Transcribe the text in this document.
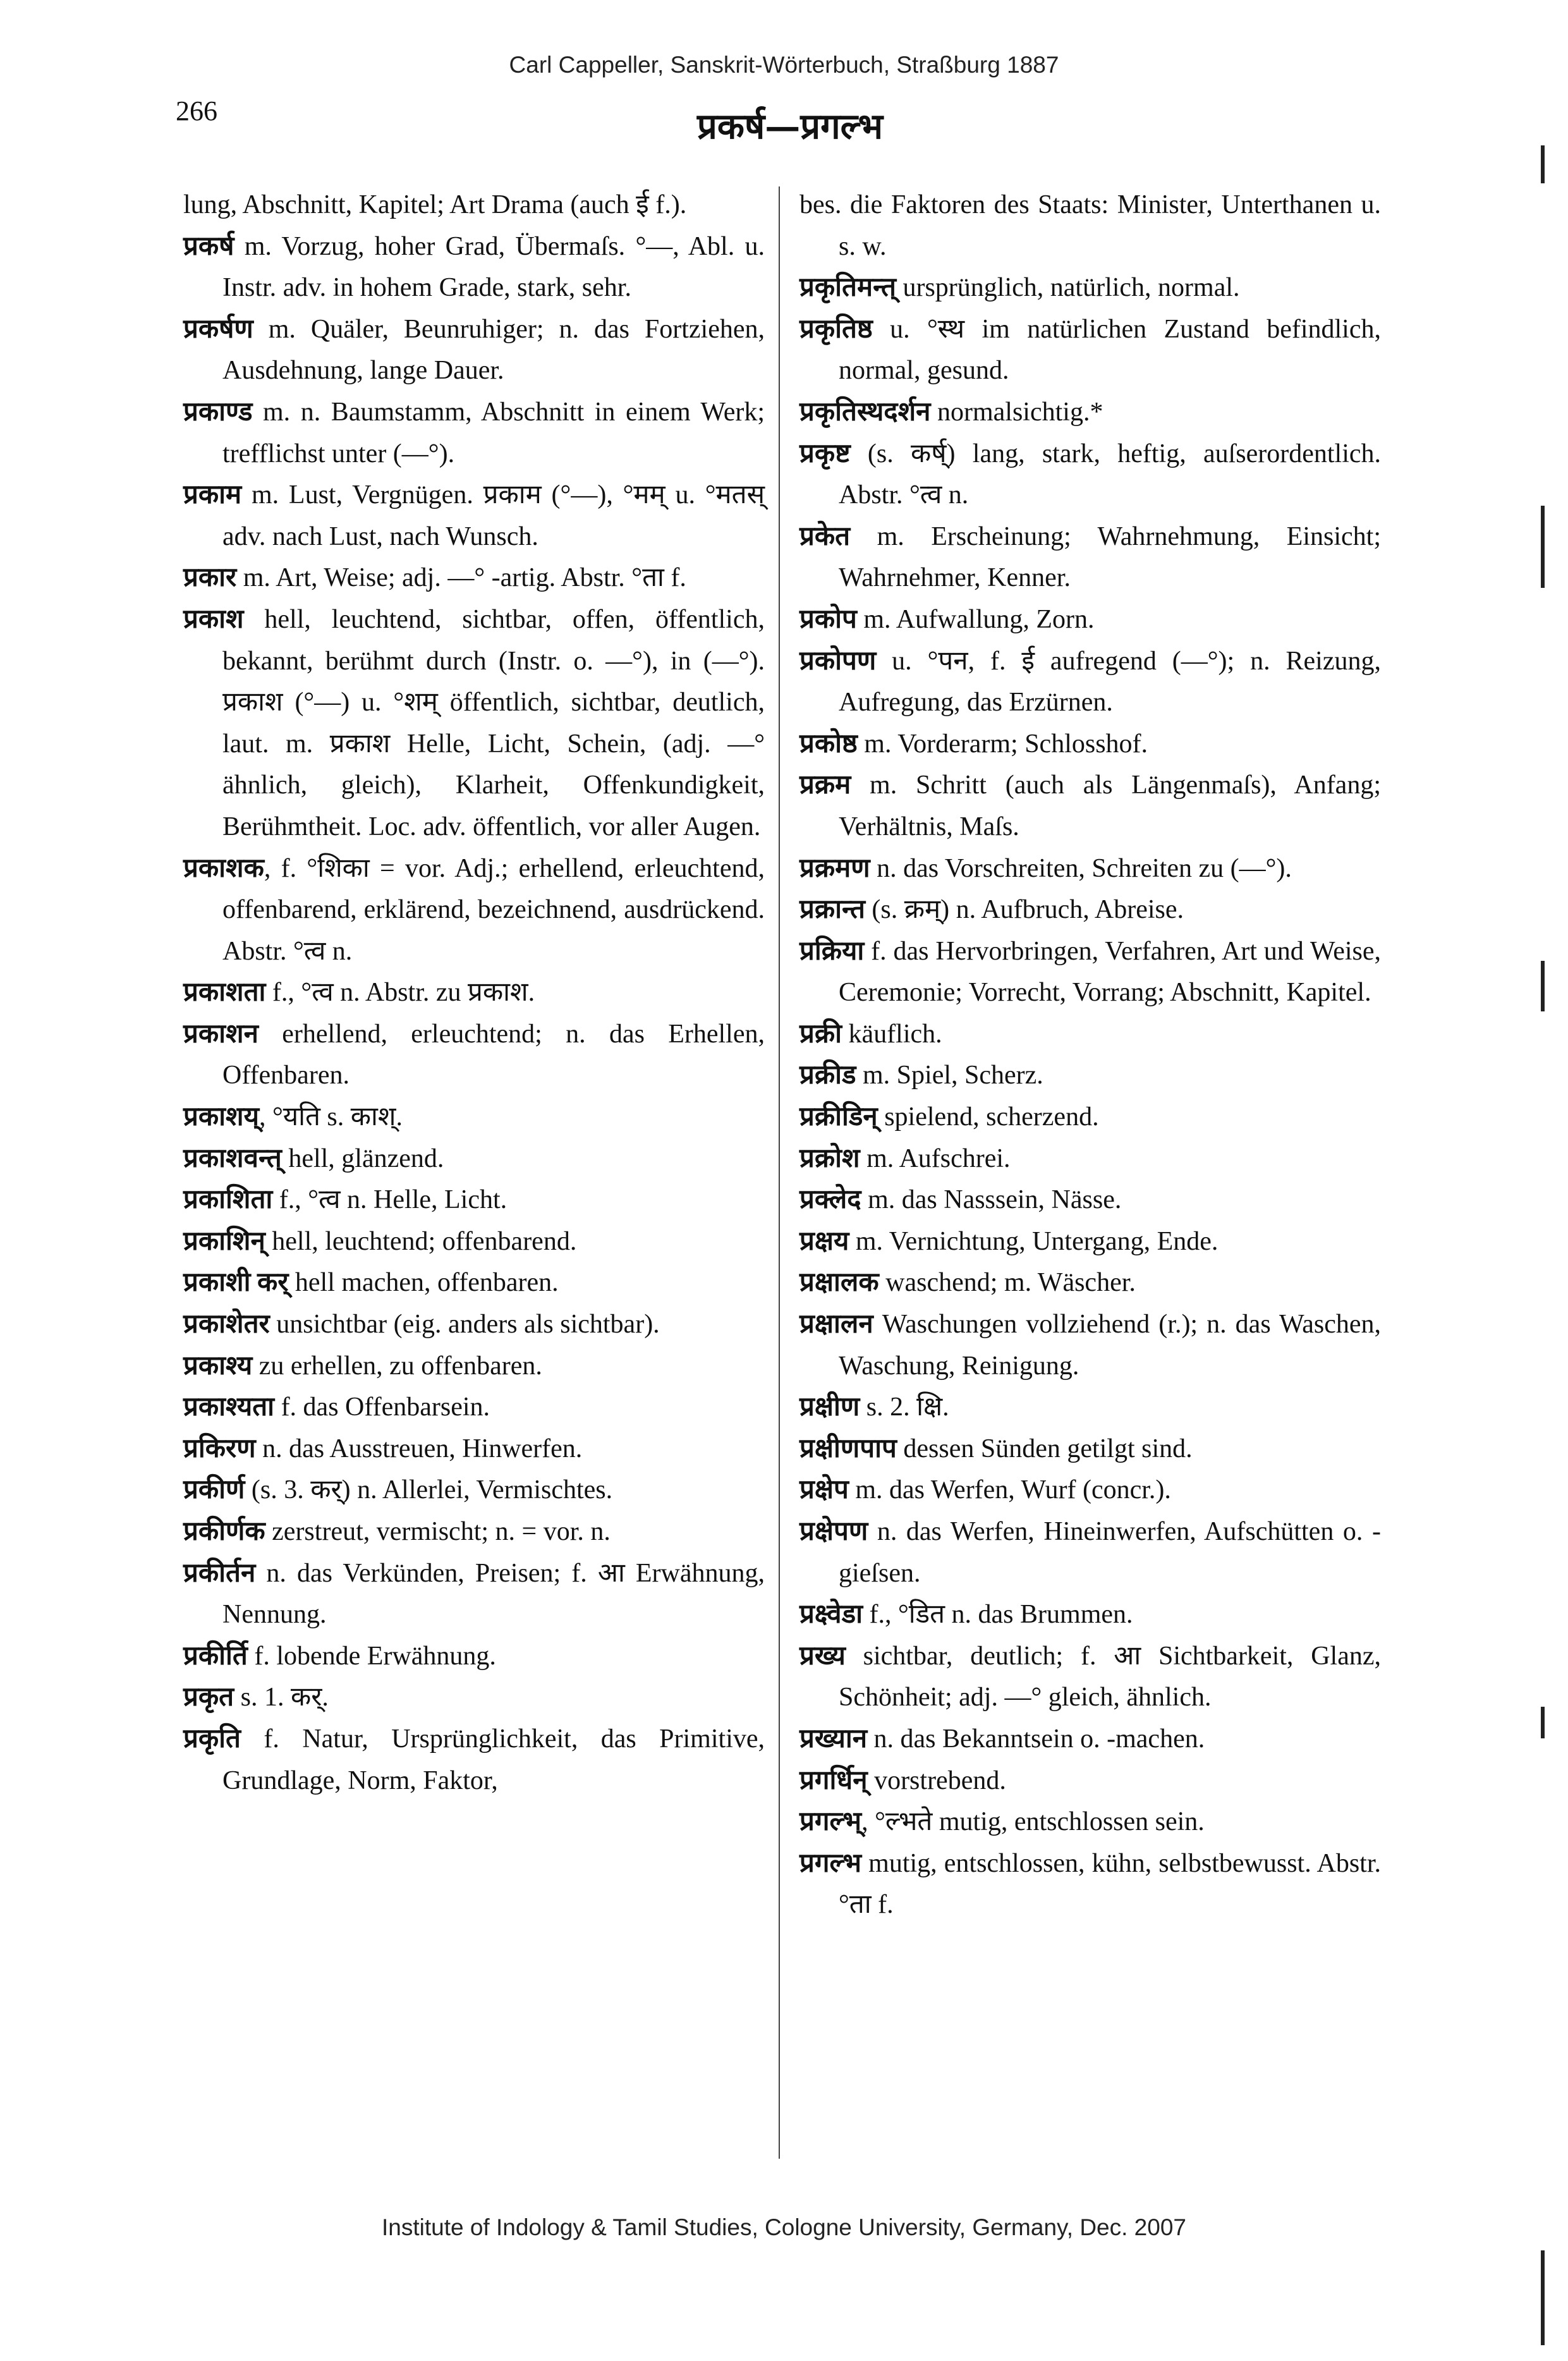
Carl Cappeller, Sanskrit-Wörterbuch, Straßburg 1887
266	प्रकर्ष—प्रगल्भ

lung, Abschnitt, Kapitel; Art Drama (auch ई f.).

प्रकर्ष m. Vorzug, hoher Grad, Übermaſs. °—, Abl. u. Instr. adv. in hohem Grade, stark, sehr.

प्रकर्षण m. Quäler, Beunruhiger; n. das Fortziehen, Ausdehnung, lange Dauer.

प्रकाण्ड m. n. Baumstamm, Abschnitt in einem Werk; trefflichst unter (—°).

प्रकाम m. Lust, Vergnügen. प्रकाम (°—), °मम् u. °मतस् adv. nach Lust, nach Wunsch.

प्रकार m. Art, Weise; adj. —° -artig. Abstr. °ता f.

प्रकाश hell, leuchtend, sichtbar, offen, öffentlich, bekannt, berühmt durch (Instr. o. —°), in (—°). प्रकाश (°—) u. °शम् öffentlich, sichtbar, deutlich, laut. m. प्रकाश Helle, Licht, Schein, (adj. —° ähnlich, gleich), Klarheit, Offenkundigkeit, Berühmtheit. Loc. adv. öffentlich, vor aller Augen.

प्रकाशक, f. °शिका = vor. Adj.; erhellend, erleuchtend, offenbarend, erklärend, bezeichnend, ausdrückend. Abstr. °त्व n.

प्रकाशता f., °त्व n. Abstr. zu प्रकाश.

प्रकाशन erhellend, erleuchtend; n. das Erhellen, Offenbaren.

प्रकाशय्, °यति s. काश्.

प्रकाशवन्त् hell, glänzend.

प्रकाशिता f., °त्व n. Helle, Licht.

प्रकाशिन् hell, leuchtend; offenbarend.

प्रकाशी कर् hell machen, offenbaren.

प्रकाशेतर unsichtbar (eig. anders als sichtbar).

प्रकाश्य zu erhellen, zu offenbaren.

प्रकाश्यता f. das Offenbarsein.

प्रकिरण n. das Ausstreuen, Hinwerfen.

प्रकीर्ण (s. 3. कर्) n. Allerlei, Vermischtes.

प्रकीर्णक zerstreut, vermischt; n. = vor. n.

प्रकीर्तन n. das Verkünden, Preisen; f. आ Erwähnung, Nennung.

प्रकीर्ति f. lobende Erwähnung.

प्रकृत s. 1. कर्.

प्रकृति f. Natur, Ursprünglichkeit, das Primitive, Grundlage, Norm, Faktor,

bes. die Faktoren des Staats: Minister, Unterthanen u. s. w.

प्रकृतिमन्त् ursprünglich, natürlich, normal.

प्रकृतिष्ठ u. °स्थ im natürlichen Zustand befindlich, normal, gesund.

प्रकृतिस्थदर्शन normalsichtig.*

प्रकृष्ट (s. कर्ष्) lang, stark, heftig, auſserordentlich. Abstr. °त्व n.

प्रकेत m. Erscheinung; Wahrnehmung, Einsicht; Wahrnehmer, Kenner.

प्रकोप m. Aufwallung, Zorn.

प्रकोपण u. °पन, f. ई aufregend (—°); n. Reizung, Aufregung, das Erzürnen.

प्रकोष्ठ m. Vorderarm; Schlosshof.

प्रक्रम m. Schritt (auch als Längenmaſs), Anfang; Verhältnis, Maſs.

प्रक्रमण n. das Vorschreiten, Schreiten zu (—°).

प्रक्रान्त (s. क्रम्) n. Aufbruch, Abreise.

प्रक्रिया f. das Hervorbringen, Verfahren, Art und Weise, Ceremonie; Vorrecht, Vorrang; Abschnitt, Kapitel.

प्रक्री käuflich.

प्रक्रीड m. Spiel, Scherz.

प्रक्रीडिन् spielend, scherzend.

प्रक्रोश m. Aufschrei.

प्रक्लेद m. das Nasssein, Nässe.

प्रक्षय m. Vernichtung, Untergang, Ende.

प्रक्षालक waschend; m. Wäscher.

प्रक्षालन Waschungen vollziehend (r.); n. das Waschen, Waschung, Reinigung.

प्रक्षीण s. 2. क्षि.

प्रक्षीणपाप dessen Sünden getilgt sind.

प्रक्षेप m. das Werfen, Wurf (concr.).

प्रक्षेपण n. das Werfen, Hineinwerfen, Aufschütten o. -gieſsen.

प्रक्ष्वेडा f., °डित n. das Brummen.

प्रख्य sichtbar, deutlich; f. आ Sichtbarkeit, Glanz, Schönheit; adj. —° gleich, ähnlich.

प्रख्यान n. das Bekanntsein o. -machen.

प्रगर्धिन् vorstrebend.

प्रगल्भ्, °ल्भते mutig, entschlossen sein.

प्रगल्भ mutig, entschlossen, kühn, selbstbewusst. Abstr. °ता f.

Institute of Indology & Tamil Studies, Cologne University, Germany, Dec. 2007
